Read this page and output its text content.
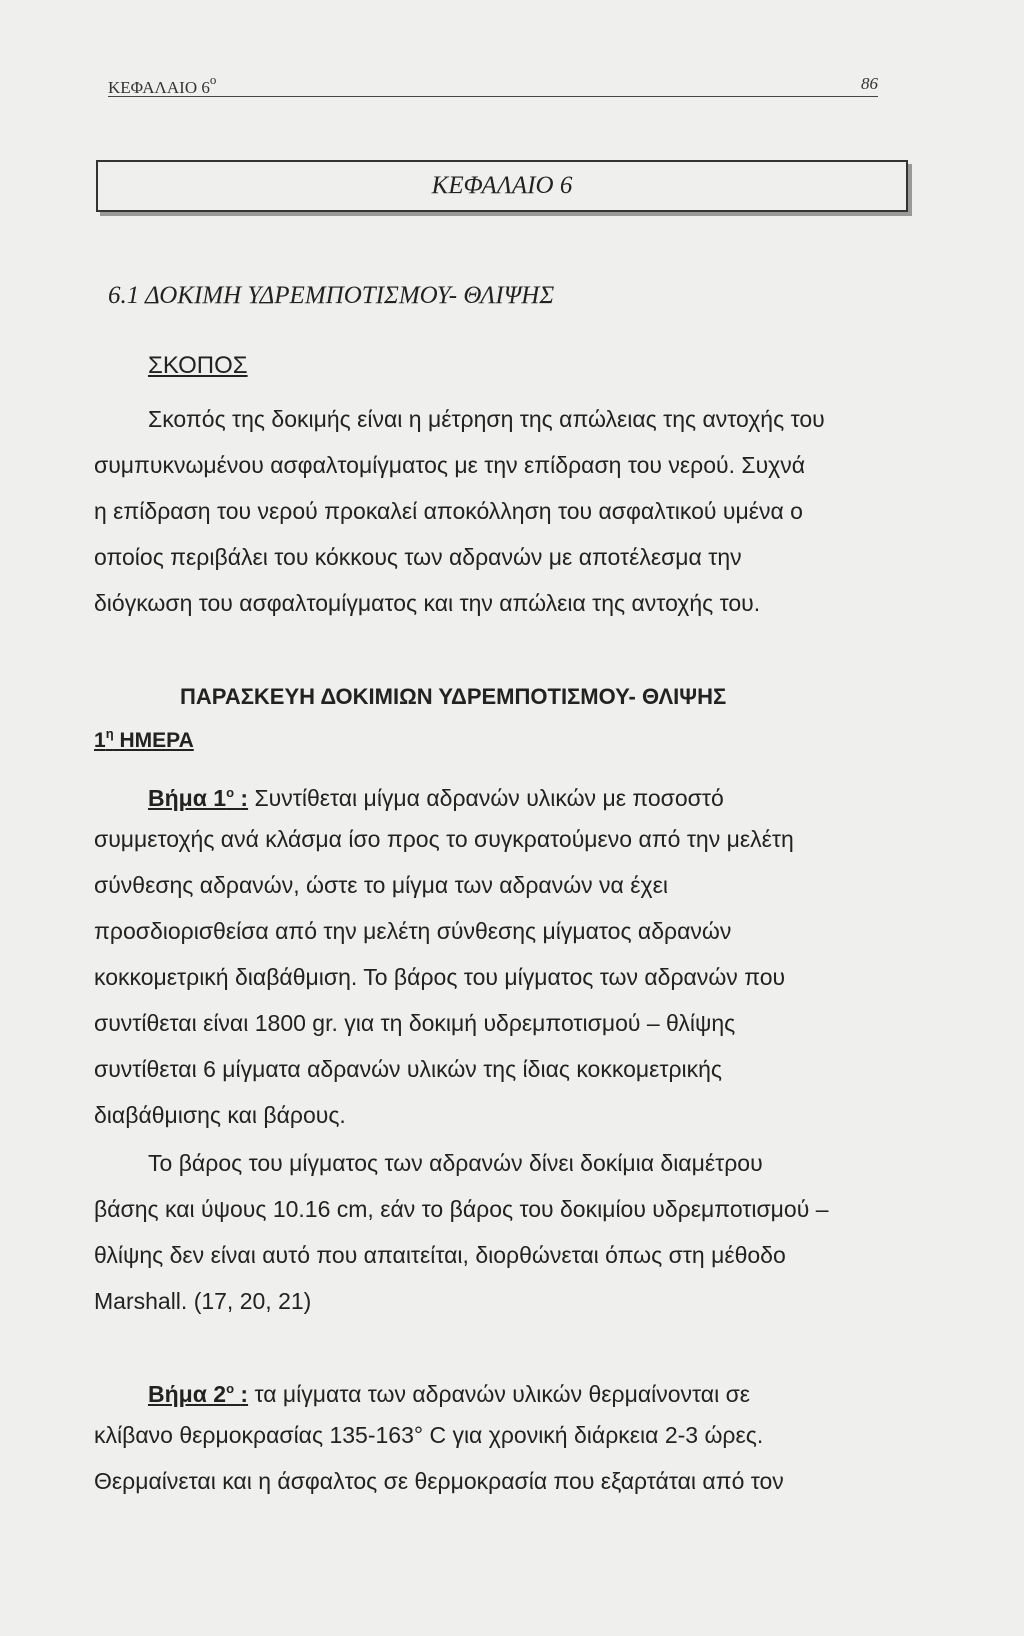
ΚΕΦΑΛΑΙΟ $6^o$	86
ΚΕΦΑΛΑΙΟ 6
6.1 ΔΟΚΙΜΗ ΥΔΡΕΜΠΟΤΙΣΜΟΥ- ΘΛΙΨΗΣ
ΣΚΟΠΟΣ
Σκοπός της δοκιμής είναι η μέτρηση της απώλειας της αντοχής του
συμπυκνωμένου ασφαλτομίγματος με την επίδραση του νερού. Συχνά
η επίδραση του νερού προκαλεί αποκόλληση του ασφαλτικού υμένα ο
οποίος περιβάλει του κόκκους των αδρανών με αποτέλεσμα την
διόγκωση του ασφαλτομίγματος και την απώλεια της αντοχής του.
ΠΑΡΑΣΚΕΥΗ ΔΟΚΙΜΙΩΝ ΥΔΡΕΜΠΟΤΙΣΜΟΥ- ΘΛΙΨΗΣ
$1^\eta$ ΗΜΕΡΑ
Βήμα $1^o$ : Συντίθεται μίγμα αδρανών υλικών με ποσοστό
συμμετοχής ανά κλάσμα ίσο προς το συγκρατούμενο από την μελέτη
σύνθεσης αδρανών, ώστε το μίγμα των αδρανών να έχει
προσδιορισθείσα από την μελέτη σύνθεσης μίγματος αδρανών
κοκκομετρική διαβάθμιση. Το βάρος του μίγματος των αδρανών που
συντίθεται είναι 1800 gr. για τη δοκιμή υδρεμποτισμού – θλίψης
συντίθεται 6 μίγματα αδρανών υλικών της ίδιας κοκκομετρικής
διαβάθμισης και βάρους.
Το βάρος του μίγματος των αδρανών δίνει δοκίμια διαμέτρου
βάσης και ύψους 10.16 cm, εάν το βάρος του δοκιμίου υδρεμποτισμού –
θλίψης δεν είναι αυτό που απαιτείται, διορθώνεται όπως στη μέθοδο
Marshall. (17, 20, 21)
Βήμα $2^o$ : τα μίγματα των αδρανών υλικών θερμαίνονται σε
κλίβανο θερμοκρασίας 135-163° C για χρονική διάρκεια 2-3 ώρες.
Θερμαίνεται και η άσφαλτος σε θερμοκρασία που εξαρτάται από τον
